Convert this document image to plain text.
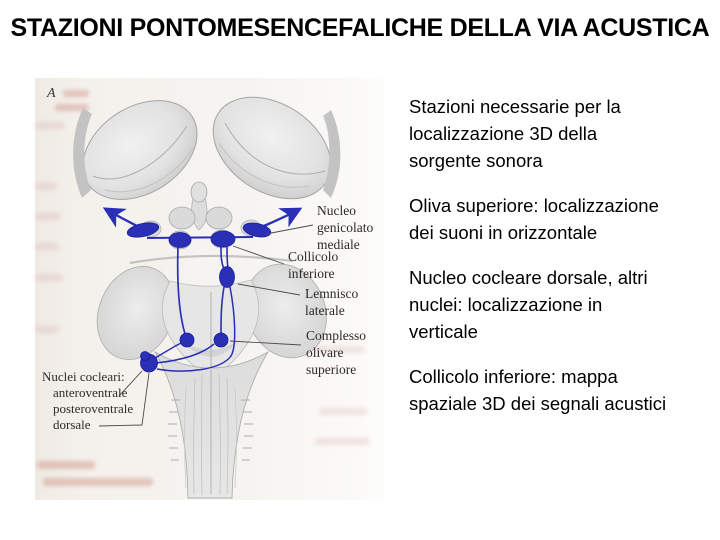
STAZIONI PONTOMESENCEFALICHE DELLA VIA ACUSTICA
A
Nucleo
genicolato
mediale
Collicolo
inferiore
Lemnisco
laterale
Complesso
olivare
superiore
Nuclei cocleari:
anteroventrale
posteroventrale
dorsale

Stazioni necessarie per la
localizzazione 3D della
sorgente sonora

Oliva superiore: localizzazione
dei suoni in orizzontale

Nucleo cocleare dorsale, altri
nuclei: localizzazione in
verticale

Collicolo inferiore: mappa
spaziale 3D dei segnali acustici
